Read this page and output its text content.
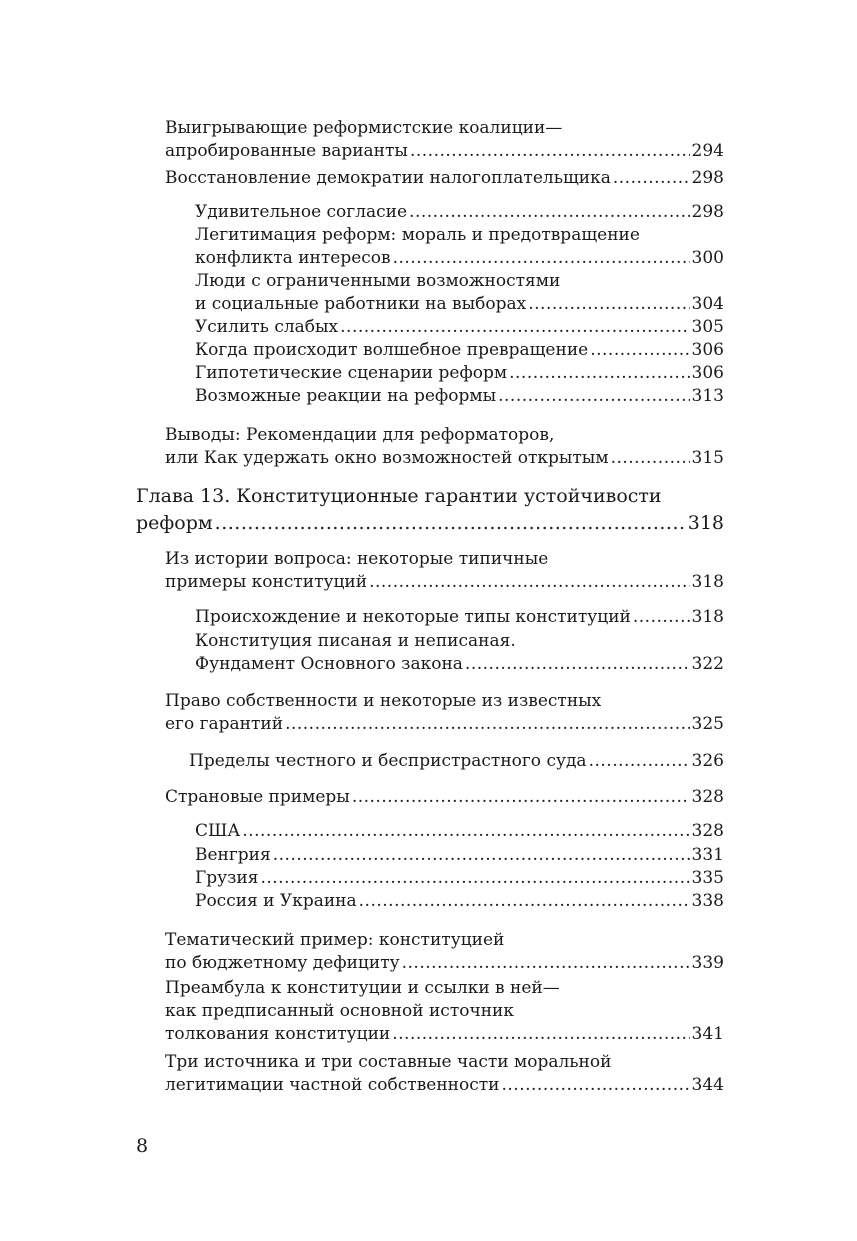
Выигрывающие реформистские коалиции—
апробированные варианты .....	294
Восстановление демократии налогоплательщика .....	298
Удивительное согласие .....	298
Легитимация реформ: мораль и предотвращение
конфликта интересов .....	300
Люди с ограниченными возможностями
и социальные работники на выборах .....	304
Усилить слабых .....	305
Когда происходит волшебное превращение .....	306
Гипотетические сценарии реформ .....	306
Возможные реакции на реформы .....	313
Выводы: Рекомендации для реформаторов,
или Как удержать окно возможностей открытым .....	315
Глава 13. Конституционные гарантии устойчивости
реформ .....	318
Из истории вопроса: некоторые типичные
примеры конституций .....	318
Происхождение и некоторые типы конституций .....	318
Конституция писаная и неписаная.
Фундамент Основного закона .....	322
Право собственности и некоторые из известных
его гарантий .....	325
Пределы честного и беспристрастного суда .....	326
Страновые примеры .....	328
США .....	328
Венгрия .....	331
Грузия .....	335
Россия и Украина .....	338
Тематический пример: конституцией
по бюджетному дефициту .....	339
Преамбула к конституции и ссылки в ней—
как предписанный основной источник
толкования конституции .....	341
Три источника и три составные части моральной
легитимации частной собственности .....	344
8
